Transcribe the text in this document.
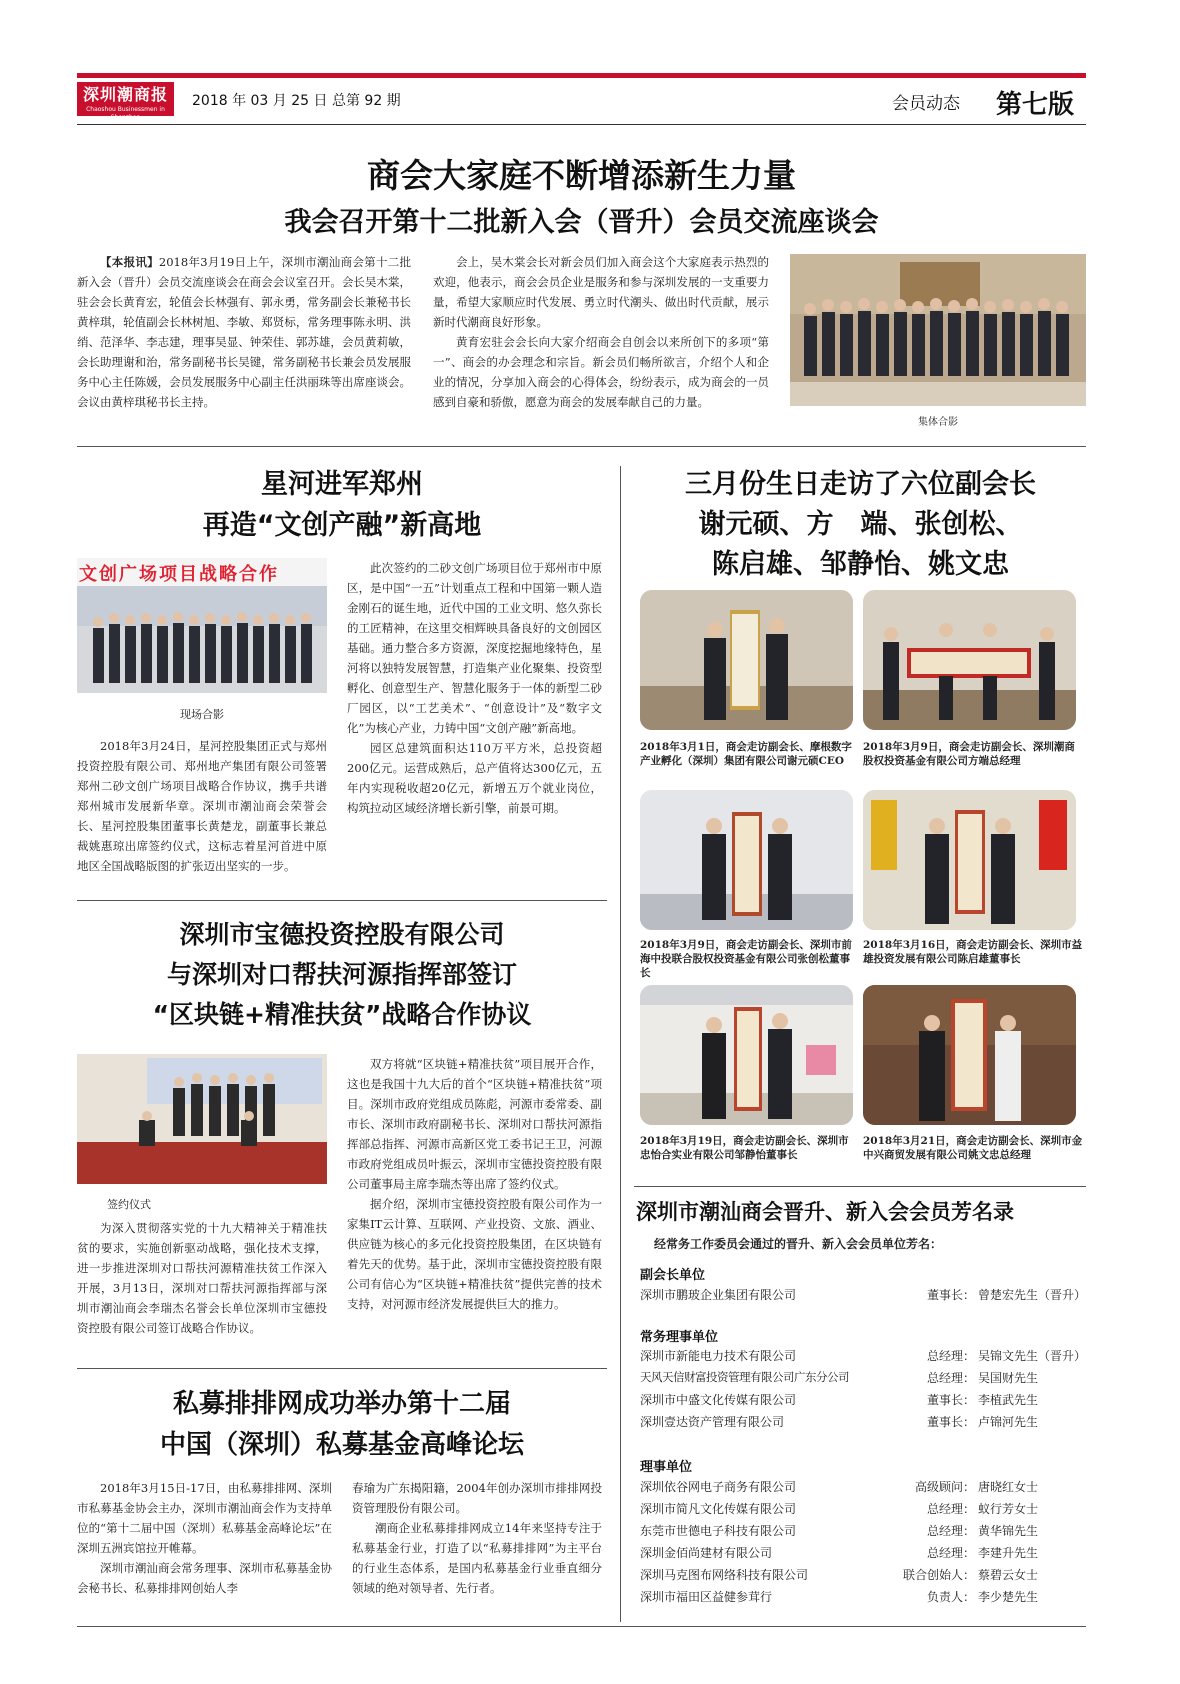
深圳潮商报
Chaoshou Businessmen in Shenzhen
2018 年 03 月 25 日 总第 92 期	会员动态 第七版
商会大家庭不断增添新生力量
我会召开第十二批新入会（晋升）会员交流座谈会

【本报讯】2018年3月19日上午，深圳市潮汕商会第十二批新入会（晋升）会员交流座谈会在商会会议室召开。会长吴木棠，驻会会长黄育宏，轮值会长林强有、郭永勇，常务副会长兼秘书长黄梓琪，轮值副会长林树旭、李敏、郑贤标，常务理事陈永明、洪绡、范泽华、李志建，理事吴显、钟荣佳、郭苏雄，会员黄莉敏，会长助理谢和治，常务副秘书长吴键，常务副秘书长兼会员发展服务中心主任陈媛，会员发展服务中心副主任洪丽珠等出席座谈会。会议由黄梓琪秘书长主持。

会上，吴木棠会长对新会员们加入商会这个大家庭表示热烈的欢迎，他表示，商会会员企业是服务和参与深圳发展的一支重要力量，希望大家顺应时代发展、勇立时代潮头、做出时代贡献，展示新时代潮商良好形象。

黄育宏驻会会长向大家介绍商会自创会以来所创下的多项“第一”、商会的办会理念和宗旨。新会员们畅所欲言，介绍个人和企业的情况，分享加入商会的心得体会，纷纷表示，成为商会的一员感到自豪和骄傲，愿意为商会的发展奉献自己的力量。

集体合影
星河进军郑州
再造“文创产融”新高地
文创广场项目战略合作
现场合影

2018年3月24日，星河控股集团正式与郑州投资控股有限公司、郑州地产集团有限公司签署郑州二砂文创广场项目战略合作协议，携手共谱郑州城市发展新华章。深圳市潮汕商会荣誉会长、星河控股集团董事长黄楚龙，副董事长兼总裁姚惠琼出席签约仪式，这标志着星河首进中原地区全国战略版图的扩张迈出坚实的一步。

此次签约的二砂文创广场项目位于郑州市中原区，是中国“一五”计划重点工程和中国第一颗人造金刚石的诞生地，近代中国的工业文明、悠久弥长的工匠精神，在这里交相辉映具备良好的文创园区基础。通力整合多方资源，深度挖掘地缘特色，星河将以独特发展智慧，打造集产业化聚集、投资型孵化、创意型生产、智慧化服务于一体的新型二砂厂园区，以“工艺美术”、“创意设计”及“数字文化”为核心产业，力铸中国“文创产融”新高地。

园区总建筑面积达110万平方米，总投资超200亿元。运营成熟后，总产值将达300亿元，五年内实现税收超20亿元，新增五万个就业岗位，构筑拉动区域经济增长新引擎，前景可期。

深圳市宝德投资控股有限公司
与深圳对口帮扶河源指挥部签订
“区块链+精准扶贫”战略合作协议
签约仪式

为深入贯彻落实党的十九大精神关于精准扶贫的要求，实施创新驱动战略，强化技术支撑，进一步推进深圳对口帮扶河源精准扶贫工作深入开展，3月13日，深圳对口帮扶河源指挥部与深圳市潮汕商会李瑞杰名誉会长单位深圳市宝德投资控股有限公司签订战略合作协议。

双方将就“区块链+精准扶贫”项目展开合作，这也是我国十九大后的首个“区块链+精准扶贫”项目。深圳市政府党组成员陈彪，河源市委常委、副市长、深圳市政府副秘书长、深圳对口帮扶河源指挥部总指挥、河源市高新区党工委书记王卫，河源市政府党组成员叶振云，深圳市宝德投资控股有限公司董事局主席李瑞杰等出席了签约仪式。

据介绍，深圳市宝德投资控股有限公司作为一家集IT云计算、互联网、产业投资、文旅、酒业、供应链为核心的多元化投资控股集团，在区块链有着先天的优势。基于此，深圳市宝德投资控股有限公司有信心为“区块链+精准扶贫”提供完善的技术支持，对河源市经济发展提供巨大的推力。

私募排排网成功举办第十二届
中国（深圳）私募基金高峰论坛

2018年3月15日-17日，由私募排排网、深圳市私募基金协会主办，深圳市潮汕商会作为支持单位的“第十二届中国（深圳）私募基金高峰论坛”在深圳五洲宾馆拉开帷幕。

深圳市潮汕商会常务理事、深圳市私募基金协会秘书长、私募排排网创始人李

春瑜为广东揭阳籍，2004年创办深圳市排排网投资管理股份有限公司。

潮商企业私募排排网成立14年来坚持专注于私募基金行业，打造了以“私募排排网”为主平台的行业生态体系，是国内私募基金行业垂直细分领域的绝对领导者、先行者。

三月份生日走访了六位副会长
谢元硕、方　端、张创松、
陈启雄、邹静怡、姚文忠
2018年3月1日，商会走访副会长、摩根数字产业孵化（深圳）集团有限公司谢元硕CEO
2018年3月9日，商会走访副会长、深圳潮商股权投资基金有限公司方端总经理
2018年3月9日，商会走访副会长、深圳市前海中投联合股权投资基金有限公司张创松董事长
2018年3月16日，商会走访副会长、深圳市益雄投资发展有限公司陈启雄董事长
2018年3月19日，商会走访副会长、深圳市忠怡合实业有限公司邹静怡董事长
2018年3月21日，商会走访副会长、深圳市金中兴商贸发展有限公司姚文忠总经理
深圳市潮汕商会晋升、新入会会员芳名录
经常务工作委员会通过的晋升、新入会会员单位芳名：
副会长单位
深圳市鹏玻企业集团有限公司	董事长： 曾楚宏先生（晋升）
常务理事单位
深圳市新能电力技术有限公司	总经理： 吴锦文先生（晋升）
天风天信财富投资管理有限公司广东分公司	总经理： 吴国财先生
深圳市中盛文化传媒有限公司	董事长： 李植武先生
深圳壹达资产管理有限公司	董事长： 卢锦河先生
理事单位
深圳依谷网电子商务有限公司	高级顾问： 唐晓红女士
深圳市简凡文化传媒有限公司	总经理： 蚁行芳女士
东莞市世德电子科技有限公司	总经理： 黄华锦先生
深圳金佰尚建材有限公司	总经理： 李建升先生
深圳马克图布网络科技有限公司	联合创始人： 蔡碧云女士
深圳市福田区益健参茸行	负责人： 李少楚先生
